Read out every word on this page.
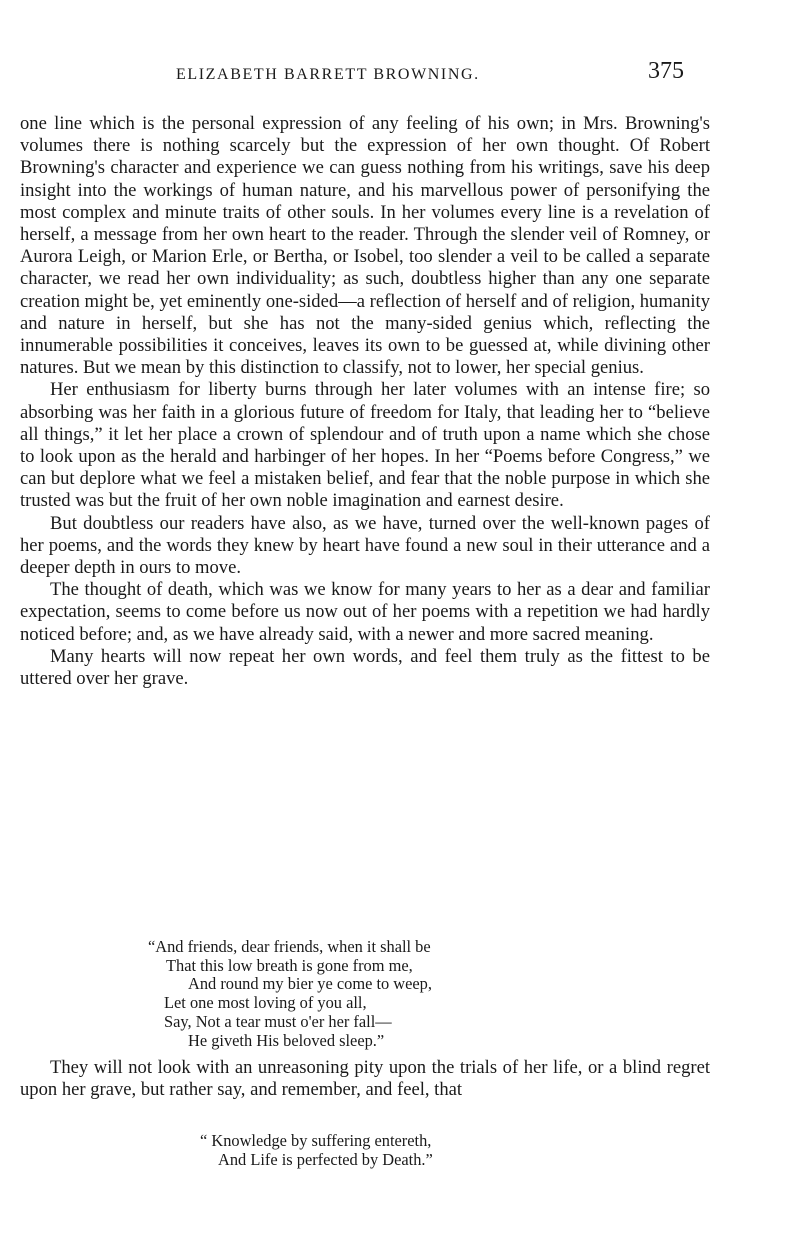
ELIZABETH BARRETT BROWNING.	375

one line which is the personal expression of any feeling of his own; in Mrs. Browning's volumes there is nothing scarcely but the expression of her own thought. Of Robert Browning's character and experience we can guess nothing from his writings, save his deep insight into the workings of human nature, and his marvellous power of personifying the most complex and minute traits of other souls. In her volumes every line is a revelation of herself, a message from her own heart to the reader. Through the slender veil of Romney, or Aurora Leigh, or Marion Erle, or Bertha, or Isobel, too slender a veil to be called a separate character, we read her own individuality; as such, doubtless higher than any one separate creation might be, yet eminently one-sided—a reflection of herself and of religion, humanity and nature in herself, but she has not the many-sided genius which, reflecting the innumerable possibilities it conceives, leaves its own to be guessed at, while divining other natures. But we mean by this distinction to classify, not to lower, her special genius.

Her enthusiasm for liberty burns through her later volumes with an intense fire; so absorbing was her faith in a glorious future of freedom for Italy, that leading her to “believe all things,” it let her place a crown of splendour and of truth upon a name which she chose to look upon as the herald and harbinger of her hopes. In her “Poems before Congress,” we can but deplore what we feel a mistaken belief, and fear that the noble purpose in which she trusted was but the fruit of her own noble imagination and earnest desire.

But doubtless our readers have also, as we have, turned over the well-known pages of her poems, and the words they knew by heart have found a new soul in their utterance and a deeper depth in ours to move.

The thought of death, which was we know for many years to her as a dear and familiar expectation, seems to come before us now out of her poems with a repetition we had hardly noticed before; and, as we have already said, with a newer and more sacred meaning.

Many hearts will now repeat her own words, and feel them truly as the fittest to be uttered over her grave.

“And friends, dear friends, when it shall be
That this low breath is gone from me,
And round my bier ye come to weep,
Let one most loving of you all,
Say, Not a tear must o'er her fall—
He giveth His beloved sleep.”

They will not look with an unreasoning pity upon the trials of her life, or a blind regret upon her grave, but rather say, and remember, and feel, that

“ Knowledge by suffering entereth,
And Life is perfected by Death.”
